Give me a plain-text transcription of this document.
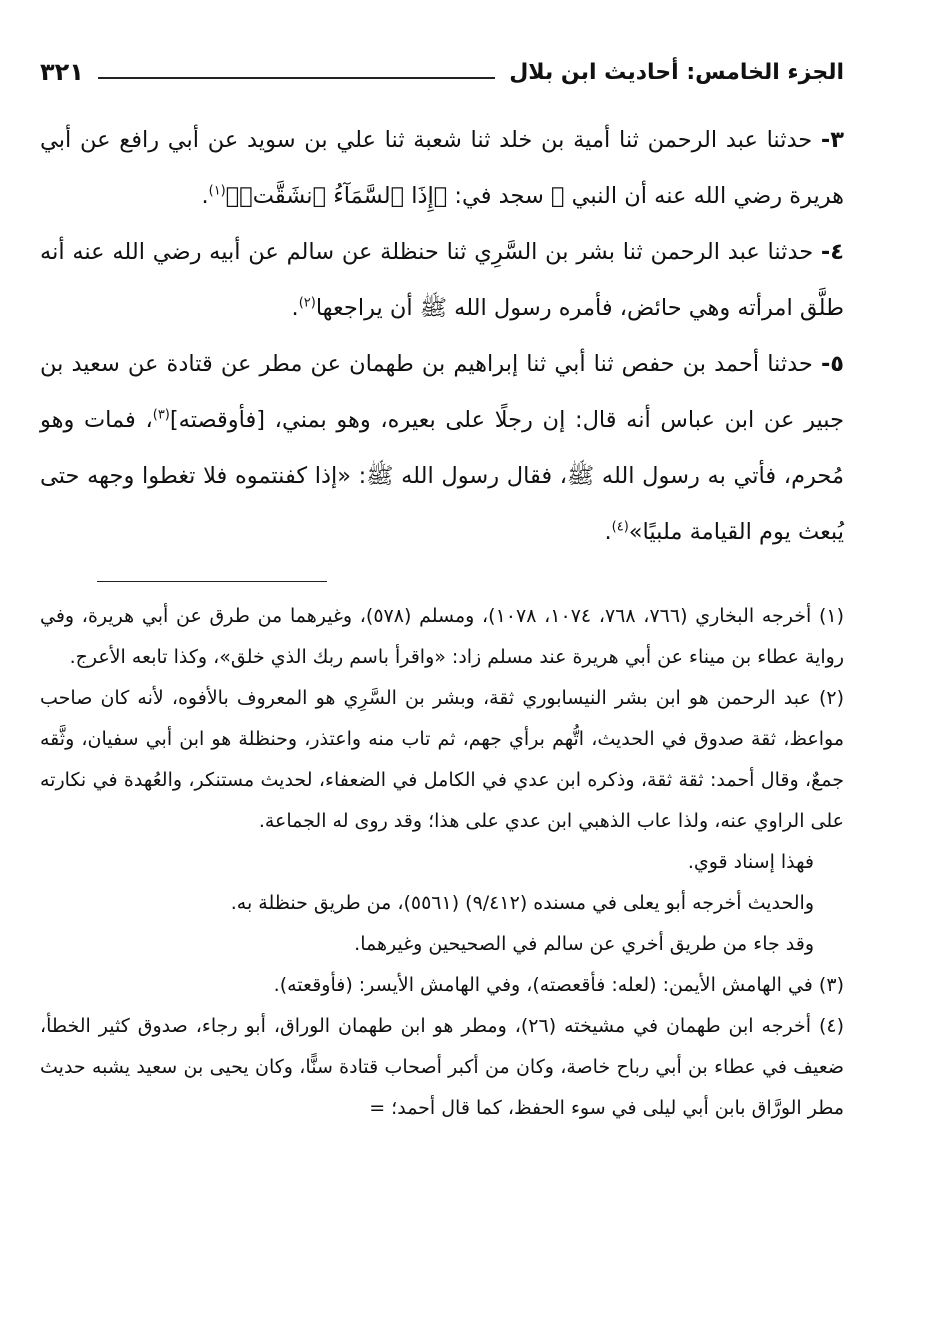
الجزء الخامس: أحاديث ابن بلال
٣٢١

٣- حدثنا عبد الرحمن ثنا أمية بن خلد ثنا شعبة ثنا علي بن سويد عن أبي رافع عن أبي هريرة رضي الله عنه أن النبي ﷺ سجد في: ﴿إِذَا ٱلسَّمَآءُ ٱنشَقَّتۡ﴾$^{(١)}$.

٤- حدثنا عبد الرحمن ثنا بشر بن السَّرِي ثنا حنظلة عن سالم عن أبيه رضي الله عنه أنه طلَّق امرأته وهي حائض، فأمره رسول الله ﷺ أن يراجعها$^{(٢)}$.

٥- حدثنا أحمد بن حفص ثنا أبي ثنا إبراهيم بن طهمان عن مطر عن قتادة عن سعيد بن جبير عن ابن عباس أنه قال: إن رجلًا على بعيره، وهو بمني، [فأوقصته]$^{(٣)}$، فمات وهو مُحرم، فأتي به رسول الله ﷺ، فقال رسول الله ﷺ: «إذا كفنتموه فلا تغطوا وجهه حتى يُبعث يوم القيامة ملبيًا»$^{(٤)}$.

(١) أخرجه البخاري (٧٦٦، ٧٦٨، ١٠٧٤، ١٠٧٨)، ومسلم (٥٧٨)، وغيرهما من طرق عن أبي هريرة، وفي رواية عطاء بن ميناء عن أبي هريرة عند مسلم زاد: «واقرأ باسم ربك الذي خلق»، وكذا تابعه الأعرج.

(٢) عبد الرحمن هو ابن بشر النيسابوري ثقة، وبشر بن السَّرِي هو المعروف بالأفوه، لأنه كان صاحب مواعظ، ثقة صدوق في الحديث، اتُّهم برأي جهم، ثم تاب منه واعتذر، وحنظلة هو ابن أبي سفيان، وثَّقه جمعٌ، وقال أحمد: ثقة ثقة، وذكره ابن عدي في الكامل في الضعفاء، لحديث مستنكر، والعُهدة في نكارته على الراوي عنه، ولذا عاب الذهبي ابن عدي على هذا؛ وقد روى له الجماعة.

فهذا إسناد قوي.

والحديث أخرجه أبو يعلى في مسنده (٩/٤١٢) (٥٥٦١)، من طريق حنظلة به.

وقد جاء من طريق أخري عن سالم في الصحيحين وغيرهما.

(٣) في الهامش الأيمن: (لعله: فأقعصته)، وفي الهامش الأيسر: (فأوقعته).

(٤) أخرجه ابن طهمان في مشيخته (٢٦)، ومطر هو ابن طهمان الوراق، أبو رجاء، صدوق كثير الخطأ، ضعيف في عطاء بن أبي رباح خاصة، وكان من أكبر أصحاب قتادة سنًّا، وكان يحيى بن سعيد يشبه حديث مطر الورَّاق بابن أبي ليلى في سوء الحفظ، كما قال أحمد؛ =
